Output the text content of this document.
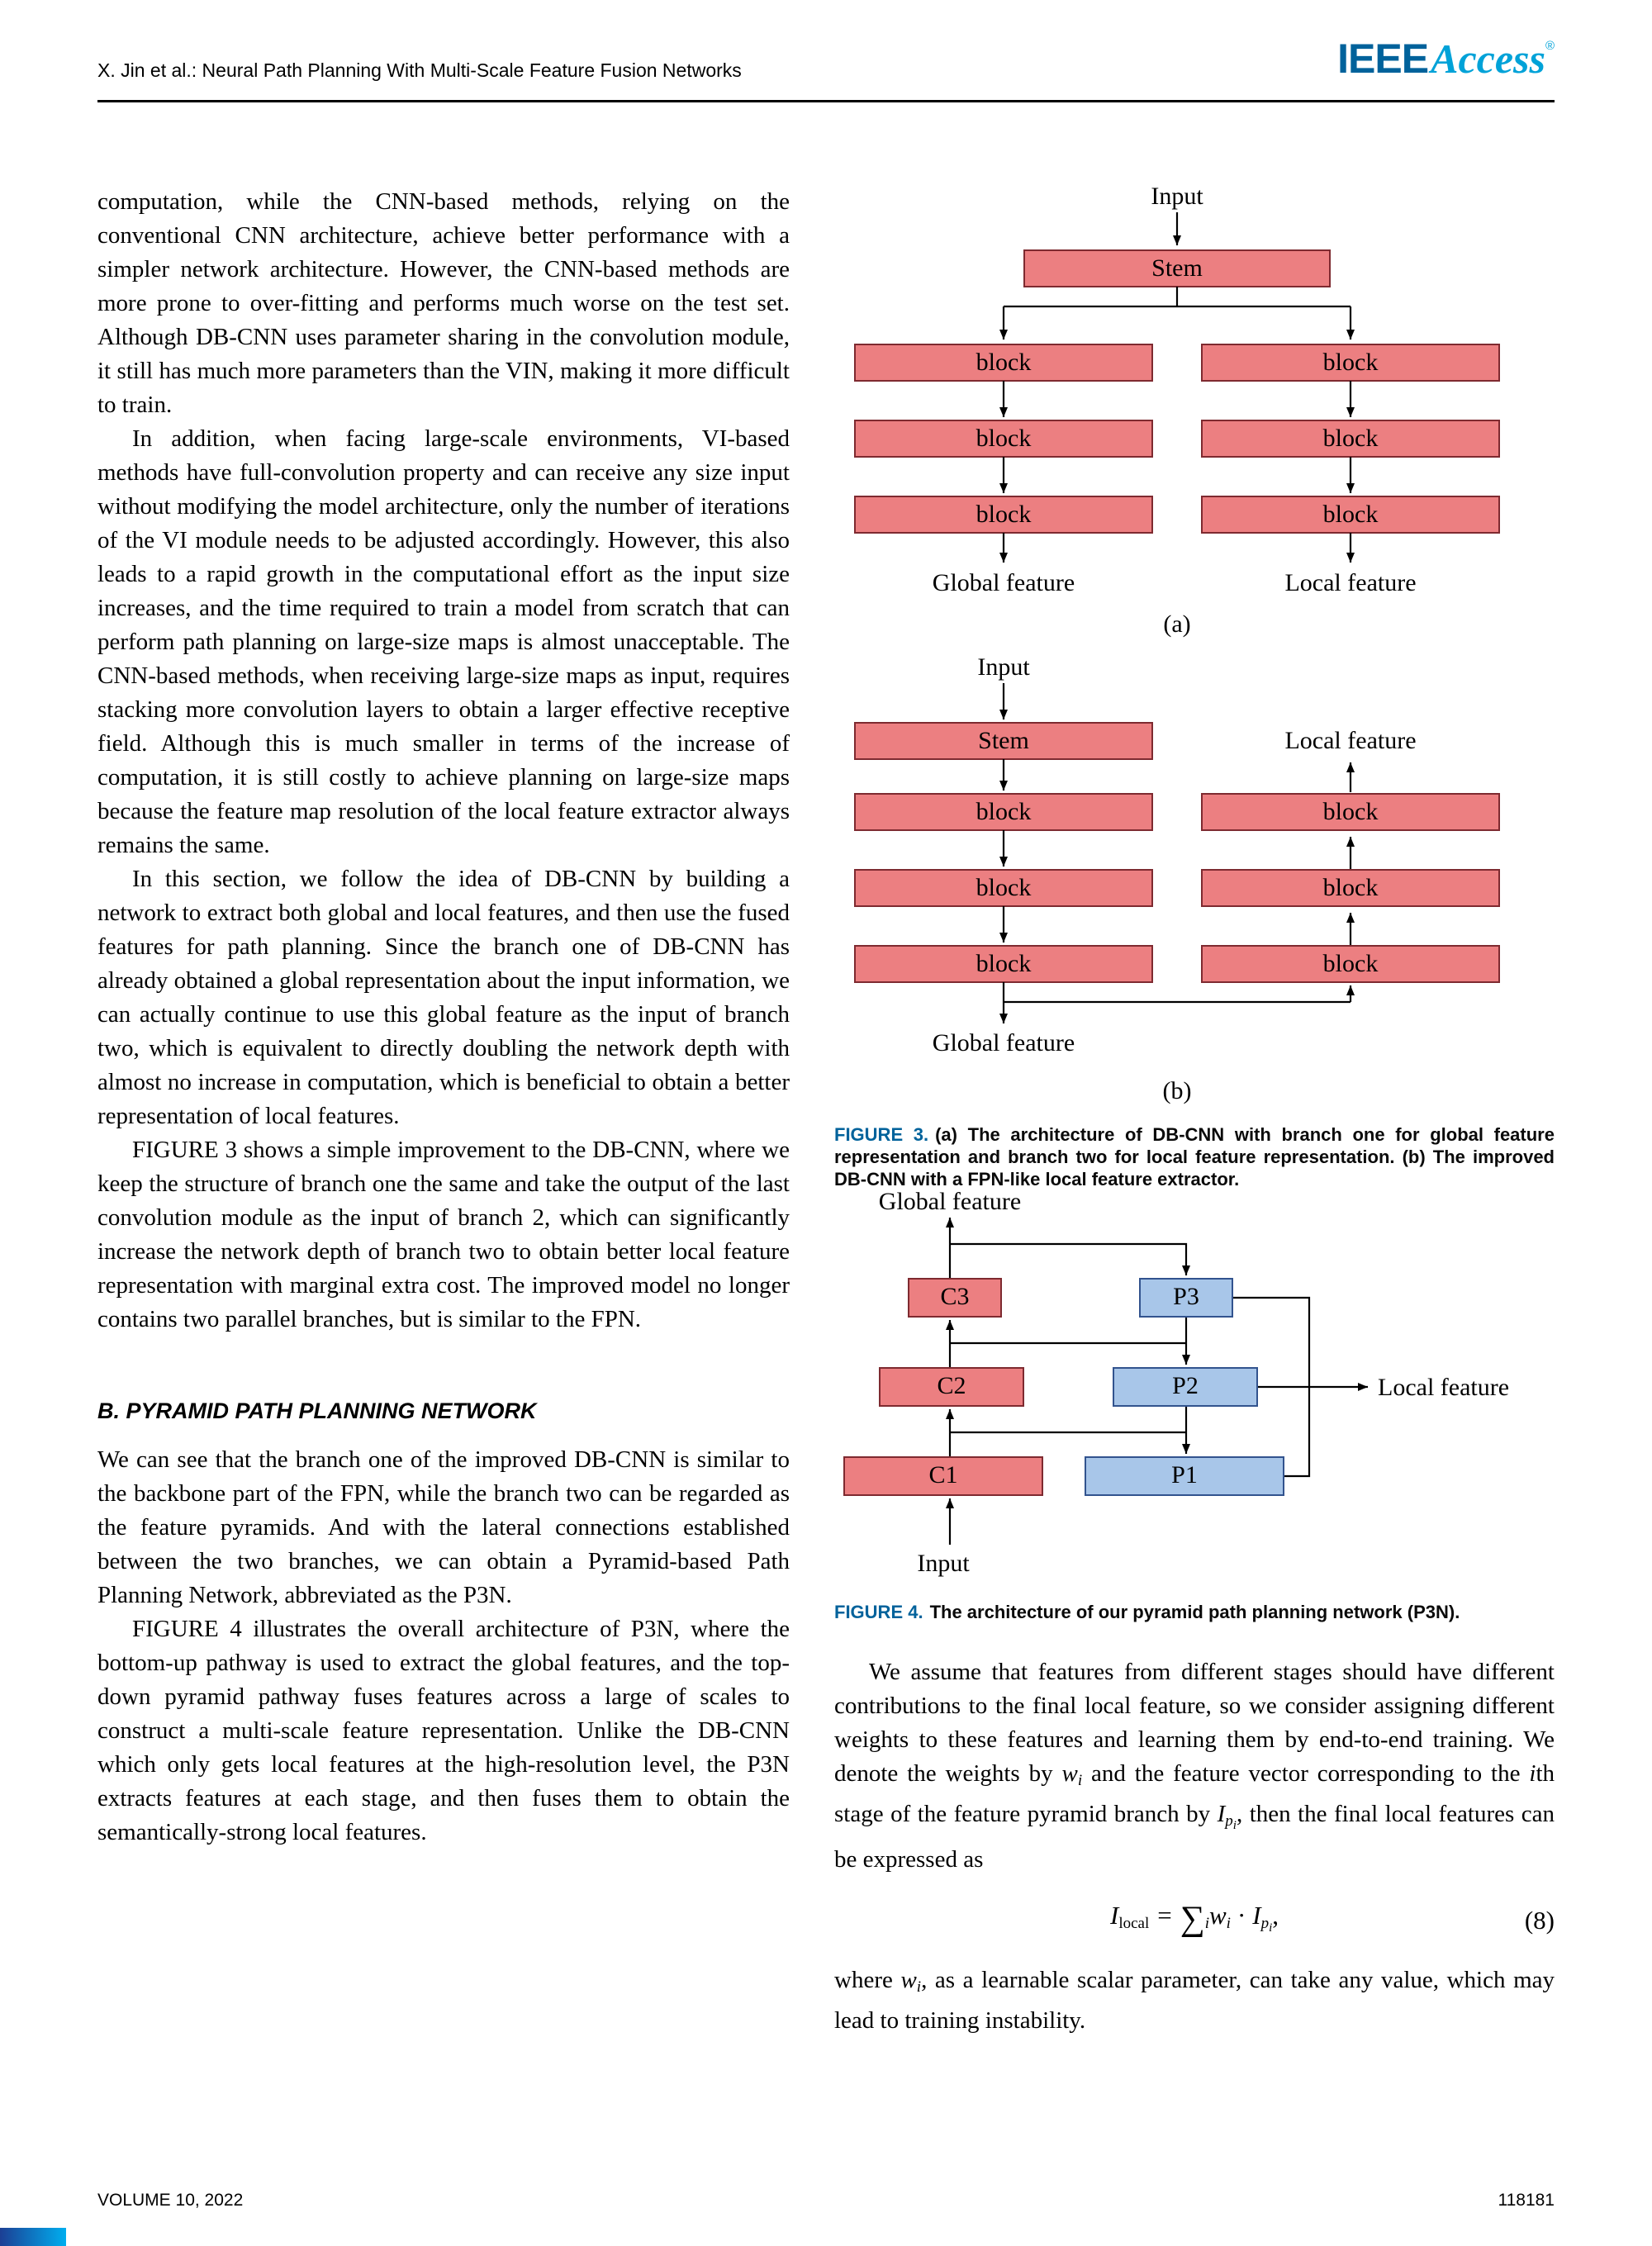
X. Jin et al.: Neural Path Planning With Multi-Scale Feature Fusion Networks	IEEEAccess®

computation, while the CNN-based methods, relying on the conventional CNN architecture, achieve better performance with a simpler network architecture. However, the CNN-based methods are more prone to over-fitting and performs much worse on the test set. Although DB-CNN uses parameter sharing in the convolution module, it still has much more parameters than the VIN, making it more difficult to train.

In addition, when facing large-scale environments, VI-based methods have full-convolution property and can receive any size input without modifying the model architecture, only the number of iterations of the VI module needs to be adjusted accordingly. However, this also leads to a rapid growth in the computational effort as the input size increases, and the time required to train a model from scratch that can perform path planning on large-size maps is almost unacceptable. The CNN-based methods, when receiving large-size maps as input, requires stacking more convolution layers to obtain a larger effective receptive field. Although this is much smaller in terms of the increase of computation, it is still costly to achieve planning on large-size maps because the feature map resolution of the local feature extractor always remains the same.

In this section, we follow the idea of DB-CNN by building a network to extract both global and local features, and then use the fused features for path planning. Since the branch one of DB-CNN has already obtained a global representation about the input information, we can actually continue to use this global feature as the input of branch two, which is equivalent to directly doubling the network depth with almost no increase in computation, which is beneficial to obtain a better representation of local features.

FIGURE 3 shows a simple improvement to the DB-CNN, where we keep the structure of branch one the same and take the output of the last convolution module as the input of branch 2, which can significantly increase the network depth of branch two to obtain better local feature representation with marginal extra cost. The improved model no longer contains two parallel branches, but is similar to the FPN.

B. PYRAMID PATH PLANNING NETWORK

We can see that the branch one of the improved DB-CNN is similar to the backbone part of the FPN, while the branch two can be regarded as the feature pyramids. And with the lateral connections established between the two branches, we can obtain a Pyramid-based Path Planning Network, abbreviated as the P3N.

FIGURE 4 illustrates the overall architecture of P3N, where the bottom-up pathway is used to extract the global features, and the top-down pyramid pathway fuses features across a large of scales to construct a multi-scale feature representation. Unlike the DB-CNN which only gets local features at the high-resolution level, the P3N extracts features at each stage, and then fuses them to obtain the semantically-strong local features.

Input
Stem
block	block
block	block
block	block
Global feature	Local feature
(a)
Input
Stem	Local feature
block	block
block	block
block	block
Global feature
(b)

FIGURE 3. (a) The architecture of DB-CNN with branch one for global feature representation and branch two for local feature representation. (b) The improved DB-CNN with a FPN-like local feature extractor.

Global feature
Local feature
C3	P3
C2	P2
C1	P1
Input

FIGURE 4. The architecture of our pyramid path planning network (P3N).

We assume that features from different stages should have different contributions to the final local feature, so we consider assigning different weights to these features and learning them by end-to-end training. We denote the weights by $w_i$ and the feature vector corresponding to the ith stage of the feature pyramid branch by $I_{pi}$, then the final local features can be expressed as

$I_{local} = \sum_iw_i \cdot I_{pi}$,	(8)

where $w_i$, as a learnable scalar parameter, can take any value, which may lead to training instability.

VOLUME 10, 2022	118181
